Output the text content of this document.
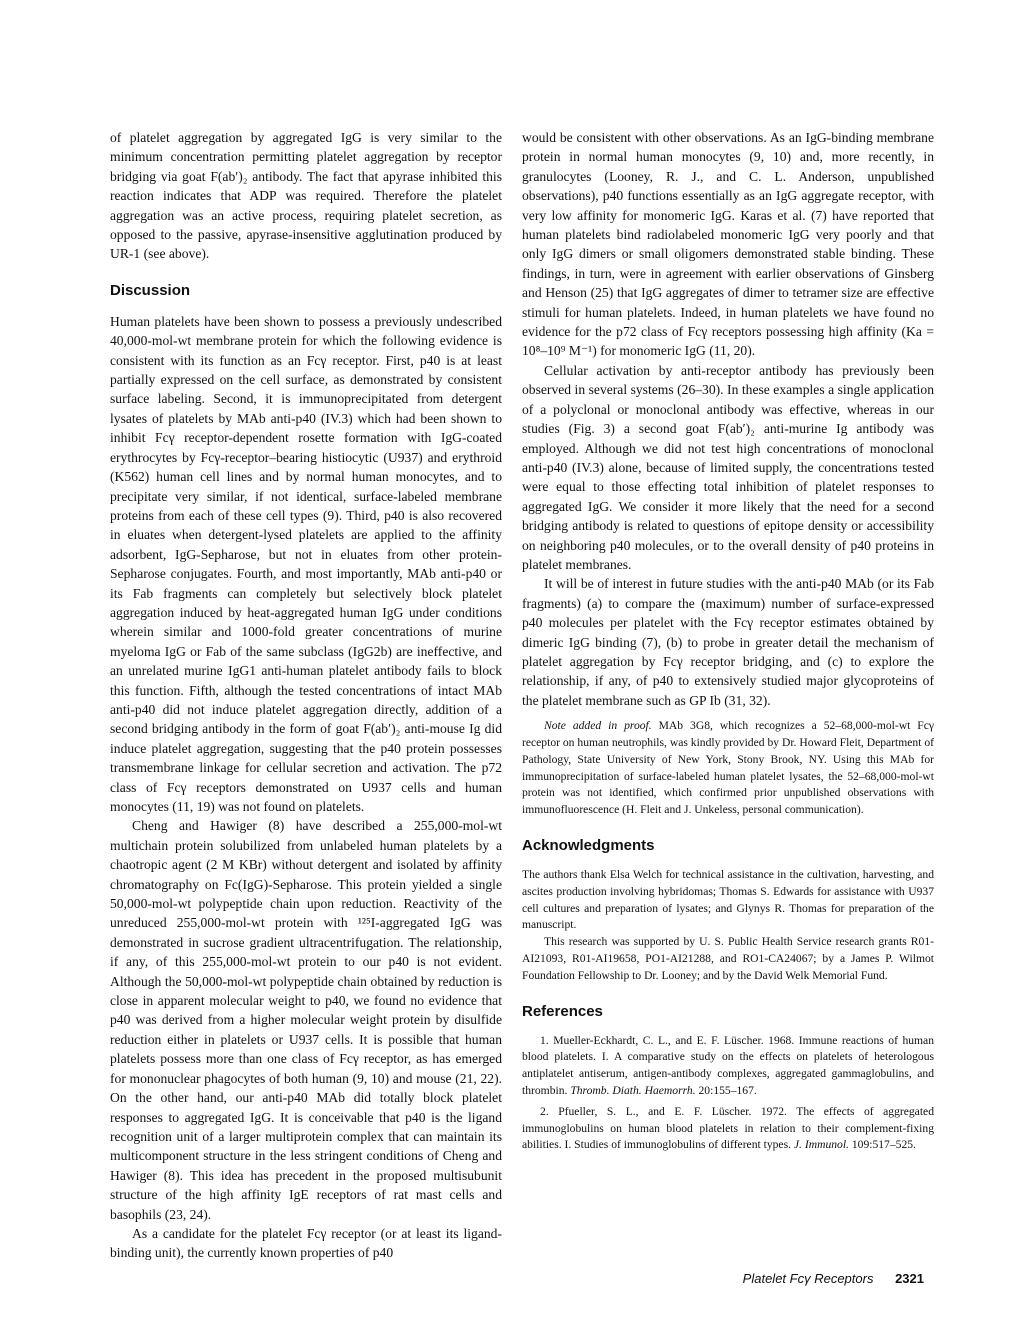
of platelet aggregation by aggregated IgG is very similar to the minimum concentration permitting platelet aggregation by receptor bridging via goat F(ab′)₂ antibody. The fact that apyrase inhibited this reaction indicates that ADP was required. Therefore the platelet aggregation was an active process, requiring platelet secretion, as opposed to the passive, apyrase-insensitive agglutination produced by UR-1 (see above).

Discussion

Human platelets have been shown to possess a previously undescribed 40,000-mol-wt membrane protein for which the following evidence is consistent with its function as an Fcγ receptor. First, p40 is at least partially expressed on the cell surface, as demonstrated by consistent surface labeling. Second, it is immunoprecipitated from detergent lysates of platelets by MAb anti-p40 (IV.3) which had been shown to inhibit Fcγ receptor-dependent rosette formation with IgG-coated erythrocytes by Fcγ-receptor–bearing histiocytic (U937) and erythroid (K562) human cell lines and by normal human monocytes, and to precipitate very similar, if not identical, surface-labeled membrane proteins from each of these cell types (9). Third, p40 is also recovered in eluates when detergent-lysed platelets are applied to the affinity adsorbent, IgG-Sepharose, but not in eluates from other protein-Sepharose conjugates. Fourth, and most importantly, MAb anti-p40 or its Fab fragments can completely but selectively block platelet aggregation induced by heat-aggregated human IgG under conditions wherein similar and 1000-fold greater concentrations of murine myeloma IgG or Fab of the same subclass (IgG2b) are ineffective, and an unrelated murine IgG1 anti-human platelet antibody fails to block this function. Fifth, although the tested concentrations of intact MAb anti-p40 did not induce platelet aggregation directly, addition of a second bridging antibody in the form of goat F(ab′)₂ anti-mouse Ig did induce platelet aggregation, suggesting that the p40 protein possesses transmembrane linkage for cellular secretion and activation. The p72 class of Fcγ receptors demonstrated on U937 cells and human monocytes (11, 19) was not found on platelets.

Cheng and Hawiger (8) have described a 255,000-mol-wt multichain protein solubilized from unlabeled human platelets by a chaotropic agent (2 M KBr) without detergent and isolated by affinity chromatography on Fc(IgG)-Sepharose. This protein yielded a single 50,000-mol-wt polypeptide chain upon reduction. Reactivity of the unreduced 255,000-mol-wt protein with ¹²⁵I-aggregated IgG was demonstrated in sucrose gradient ultracentrifugation. The relationship, if any, of this 255,000-mol-wt protein to our p40 is not evident. Although the 50,000-mol-wt polypeptide chain obtained by reduction is close in apparent molecular weight to p40, we found no evidence that p40 was derived from a higher molecular weight protein by disulfide reduction either in platelets or U937 cells. It is possible that human platelets possess more than one class of Fcγ receptor, as has emerged for mononuclear phagocytes of both human (9, 10) and mouse (21, 22). On the other hand, our anti-p40 MAb did totally block platelet responses to aggregated IgG. It is conceivable that p40 is the ligand recognition unit of a larger multiprotein complex that can maintain its multicomponent structure in the less stringent conditions of Cheng and Hawiger (8). This idea has precedent in the proposed multisubunit structure of the high affinity IgE receptors of rat mast cells and basophils (23, 24).

As a candidate for the platelet Fcγ receptor (or at least its ligand-binding unit), the currently known properties of p40

would be consistent with other observations. As an IgG-binding membrane protein in normal human monocytes (9, 10) and, more recently, in granulocytes (Looney, R. J., and C. L. Anderson, unpublished observations), p40 functions essentially as an IgG aggregate receptor, with very low affinity for monomeric IgG. Karas et al. (7) have reported that human platelets bind radiolabeled monomeric IgG very poorly and that only IgG dimers or small oligomers demonstrated stable binding. These findings, in turn, were in agreement with earlier observations of Ginsberg and Henson (25) that IgG aggregates of dimer to tetramer size are effective stimuli for human platelets. Indeed, in human platelets we have found no evidence for the p72 class of Fcγ receptors possessing high affinity (Ka = 10⁸–10⁹ M⁻¹) for monomeric IgG (11, 20).

Cellular activation by anti-receptor antibody has previously been observed in several systems (26–30). In these examples a single application of a polyclonal or monoclonal antibody was effective, whereas in our studies (Fig. 3) a second goat F(ab′)₂ anti-murine Ig antibody was employed. Although we did not test high concentrations of monoclonal anti-p40 (IV.3) alone, because of limited supply, the concentrations tested were equal to those effecting total inhibition of platelet responses to aggregated IgG. We consider it more likely that the need for a second bridging antibody is related to questions of epitope density or accessibility on neighboring p40 molecules, or to the overall density of p40 proteins in platelet membranes.

It will be of interest in future studies with the anti-p40 MAb (or its Fab fragments) (a) to compare the (maximum) number of surface-expressed p40 molecules per platelet with the Fcγ receptor estimates obtained by dimeric IgG binding (7), (b) to probe in greater detail the mechanism of platelet aggregation by Fcγ receptor bridging, and (c) to explore the relationship, if any, of p40 to extensively studied major glycoproteins of the platelet membrane such as GP Ib (31, 32).

Note added in proof. MAb 3G8, which recognizes a 52–68,000-mol-wt Fcγ receptor on human neutrophils, was kindly provided by Dr. Howard Fleit, Department of Pathology, State University of New York, Stony Brook, NY. Using this MAb for immunoprecipitation of surface-labeled human platelet lysates, the 52–68,000-mol-wt protein was not identified, which confirmed prior unpublished observations with immunofluorescence (H. Fleit and J. Unkeless, personal communication).

Acknowledgments

The authors thank Elsa Welch for technical assistance in the cultivation, harvesting, and ascites production involving hybridomas; Thomas S. Edwards for assistance with U937 cell cultures and preparation of lysates; and Glynys R. Thomas for preparation of the manuscript.

This research was supported by U. S. Public Health Service research grants R01-AI21093, R01-AI19658, PO1-AI21288, and RO1-CA24067; by a James P. Wilmot Foundation Fellowship to Dr. Looney; and by the David Welk Memorial Fund.

References

1. Mueller-Eckhardt, C. L., and E. F. Lüscher. 1968. Immune reactions of human blood platelets. I. A comparative study on the effects on platelets of heterologous antiplatelet antiserum, antigen-antibody complexes, aggregated gammaglobulins, and thrombin. Thromb. Diath. Haemorrh. 20:155–167.

2. Pfueller, S. L., and E. F. Lüscher. 1972. The effects of aggregated immunoglobulins on human blood platelets in relation to their complement-fixing abilities. I. Studies of immunoglobulins of different types. J. Immunol. 109:517–525.

Platelet Fcγ Receptors 2321
